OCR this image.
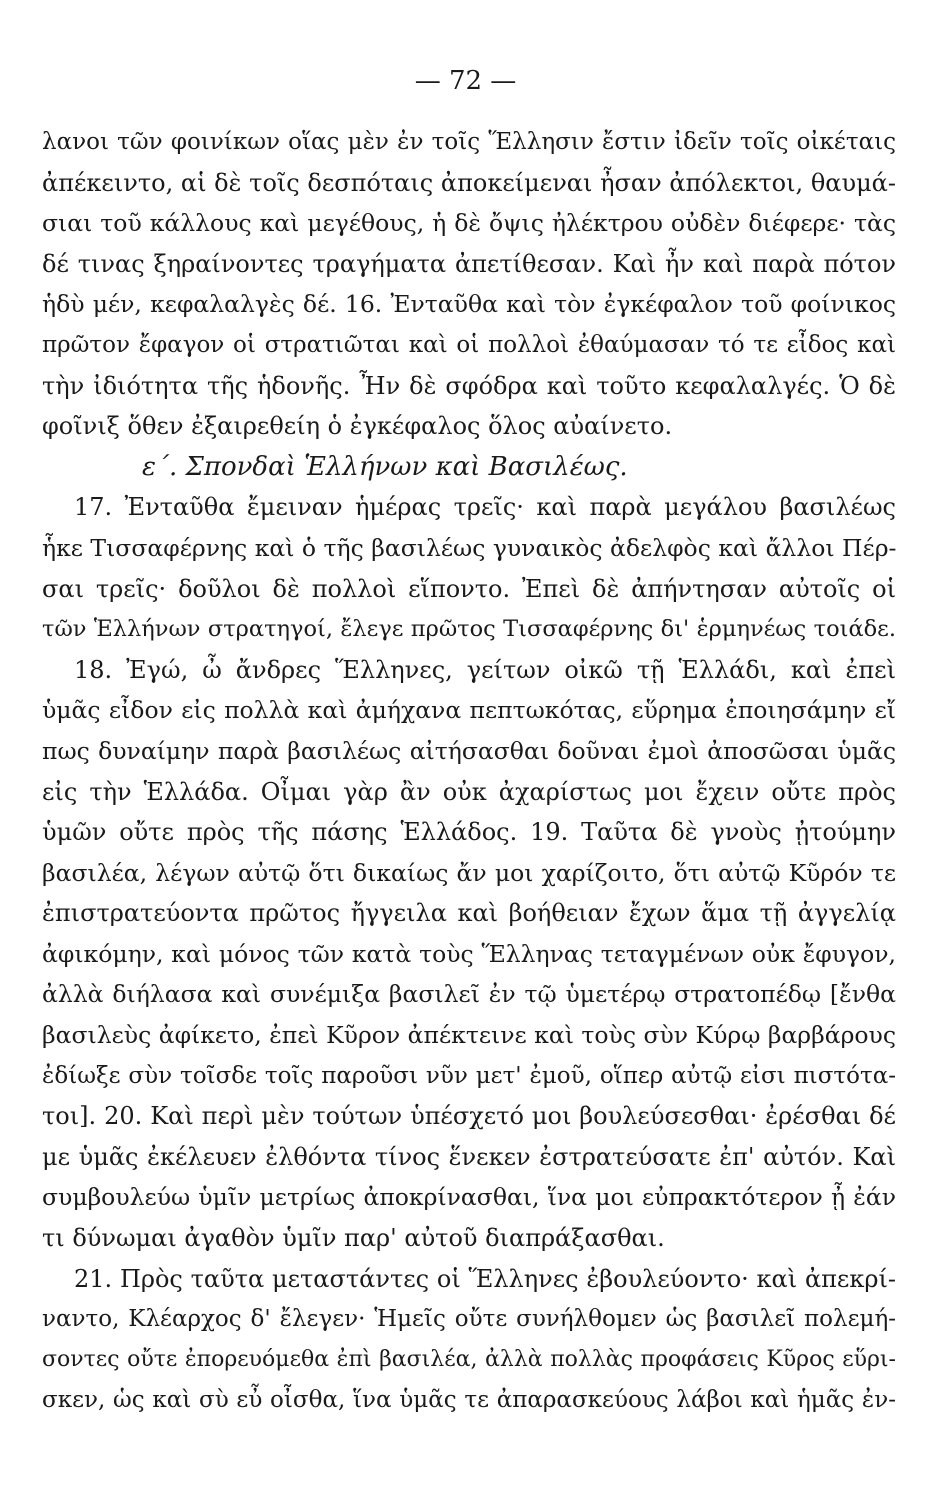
— 72 —
λανοι τῶν φοινίκων οἵας μὲν ἐν τοῖς Ἕλλησιν ἔστιν ἰδεῖν τοῖς οἰκέταις
ἀπέκειντο, αἱ δὲ τοῖς δεσπόταις ἀποκείμεναι ἦσαν ἀπόλεκτοι, θαυμά-
σιαι τοῦ κάλλους καὶ μεγέθους, ἡ δὲ ὄψις ἠλέκτρου οὐδὲν διέφερε· τὰς
δέ τινας ξηραίνοντες τραγήματα ἀπετίθεσαν. Καὶ ἦν καὶ παρὰ πότον
ἡδὺ μέν, κεφαλαλγὲς δέ. 16. Ἐνταῦθα καὶ τὸν ἐγκέφαλον τοῦ φοίνικος
πρῶτον ἔφαγον οἱ στρατιῶται καὶ οἱ πολλοὶ ἐθαύμασαν τό τε εἶδος καὶ
τὴν ἰδιότητα τῆς ἡδονῆς. Ἦν δὲ σφόδρα καὶ τοῦτο κεφαλαλγές. Ὁ δὲ
φοῖνιξ ὅθεν ἐξαιρεθείη ὁ ἐγκέφαλος ὅλος αὐαίνετο.
ε΄. Σπονδαὶ Ἑλλήνων καὶ Βασιλέως.
17. Ἐνταῦθα ἔμειναν ἡμέρας τρεῖς· καὶ παρὰ μεγάλου βασιλέως
ἧκε Τισσαφέρνης καὶ ὁ τῆς βασιλέως γυναικὸς ἀδελφὸς καὶ ἄλλοι Πέρ-
σαι τρεῖς· δοῦλοι δὲ πολλοὶ εἵποντο. Ἐπεὶ δὲ ἀπήντησαν αὐτοῖς οἱ
τῶν Ἑλλήνων στρατηγοί, ἔλεγε πρῶτος Τισσαφέρνης δι' ἑρμηνέως τοιάδε.
18. Ἐγώ, ὦ ἄνδρες Ἕλληνες, γείτων οἰκῶ τῇ Ἑλλάδι, καὶ ἐπεὶ
ὑμᾶς εἶδον εἰς πολλὰ καὶ ἀμήχανα πεπτωκότας, εὕρημα ἐποιησάμην εἴ
πως δυναίμην παρὰ βασιλέως αἰτήσασθαι δοῦναι ἐμοὶ ἀποσῶσαι ὑμᾶς
εἰς τὴν Ἑλλάδα. Οἶμαι γὰρ ἂν οὐκ ἀχαρίστως μοι ἔχειν οὔτε πρὸς
ὑμῶν οὔτε πρὸς τῆς πάσης Ἑλλάδος. 19. Ταῦτα δὲ γνοὺς ᾐτούμην
βασιλέα, λέγων αὐτῷ ὅτι δικαίως ἄν μοι χαρίζοιτο, ὅτι αὐτῷ Κῦρόν τε
ἐπιστρατεύοντα πρῶτος ἤγγειλα καὶ βοήθειαν ἔχων ἅμα τῇ ἀγγελίᾳ
ἀφικόμην, καὶ μόνος τῶν κατὰ τοὺς Ἕλληνας τεταγμένων οὐκ ἔφυγον,
ἀλλὰ διήλασα καὶ συνέμιξα βασιλεῖ ἐν τῷ ὑμετέρῳ στρατοπέδῳ [ἔνθα
βασιλεὺς ἀφίκετο, ἐπεὶ Κῦρον ἀπέκτεινε καὶ τοὺς σὺν Κύρῳ βαρβάρους
ἐδίωξε σὺν τοῖσδε τοῖς παροῦσι νῦν μετ' ἐμοῦ, οἵπερ αὐτῷ εἰσι πιστότα-
τοι]. 20. Καὶ περὶ μὲν τούτων ὑπέσχετό μοι βουλεύσεσθαι· ἐρέσθαι δέ
με ὑμᾶς ἐκέλευεν ἐλθόντα τίνος ἕνεκεν ἐστρατεύσατε ἐπ' αὐτόν. Καὶ
συμβουλεύω ὑμῖν μετρίως ἀποκρίνασθαι, ἵνα μοι εὐπρακτότερον ᾖ ἐάν
τι δύνωμαι ἀγαθὸν ὑμῖν παρ' αὐτοῦ διαπράξασθαι.
21. Πρὸς ταῦτα μεταστάντες οἱ Ἕλληνες ἐβουλεύοντο· καὶ ἀπεκρί-
ναντο, Κλέαρχος δ' ἔλεγεν· Ἡμεῖς οὔτε συνήλθομεν ὡς βασιλεῖ πολεμή-
σοντες οὔτε ἐπορευόμεθα ἐπὶ βασιλέα, ἀλλὰ πολλὰς προφάσεις Κῦρος εὕρι-
σκεν, ὡς καὶ σὺ εὖ οἶσθα, ἵνα ὑμᾶς τε ἀπαρασκεύους λάβοι καὶ ἡμᾶς ἐν-
